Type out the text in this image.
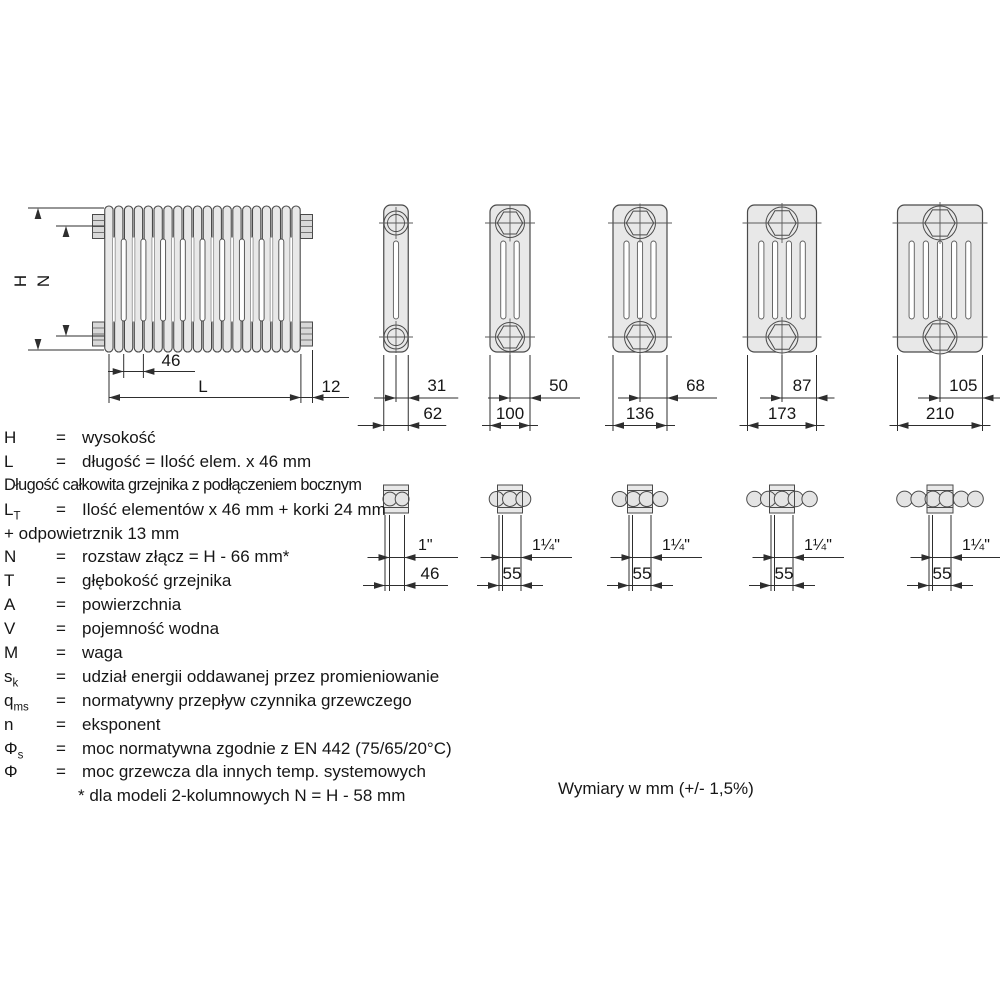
H N
46
L	12	31
62
1"
46
50
100
1¼"
55
68
136
1¼"
55
87
173
1¼"
55
105
210
1¼"
55
H	= wysokość
L	= długość = Ilość elem. x 46 mm
Długość całkowita grzejnika z podłączeniem bocznym
$L_T$	= Ilość elementów x 46 mm + korki 24 mm
+ odpowietrznik 13 mm
N	= rozstaw złącz = H - 66 mm*
T	= głębokość grzejnika
A	= powierzchnia
V	= pojemność wodna
M	= waga
$s_k$	= udział energii oddawanej przez promieniowanie
$q_{ms}$	= normatywny przepływ czynnika grzewczego
n	= eksponent
$\Phi_s$	= moc normatywna zgodnie z EN 442 (75/65/20°C)
Φ	= moc grzewcza dla innych temp. systemowych
* dla modeli 2-kolumnowych N = H - 58 mm	Wymiary w mm (+/- 1,5%)
